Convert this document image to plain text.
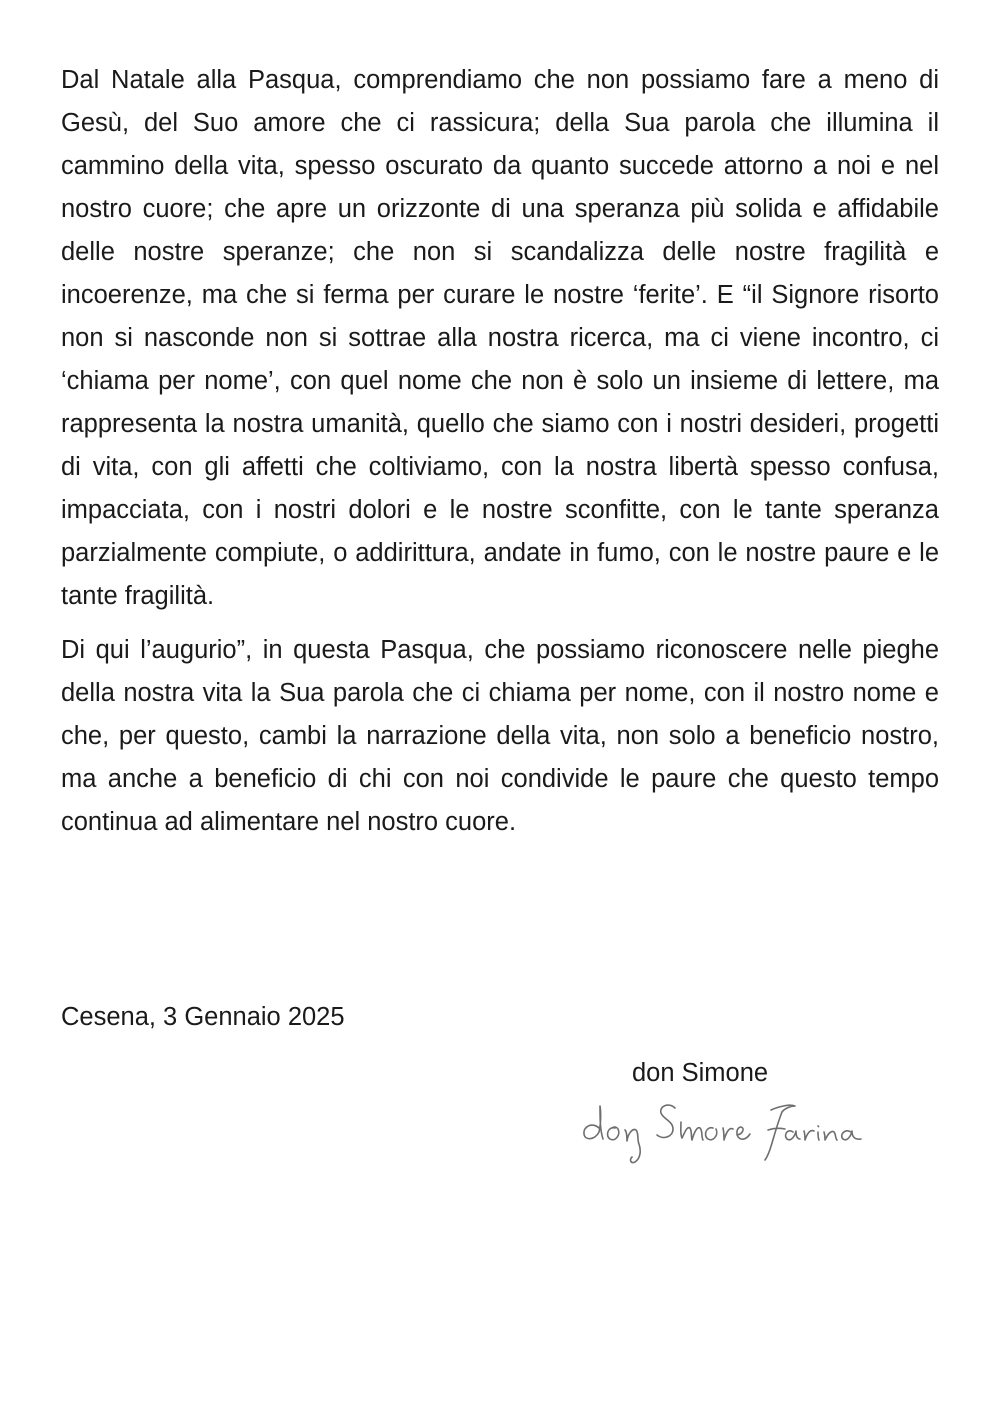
Dal Natale alla Pasqua, comprendiamo che non possiamo fare a meno di Gesù, del Suo amore che ci rassicura; della Sua parola che illumina il cammino della vita, spesso oscurato da quanto succede attorno a noi e nel nostro cuore; che apre un orizzonte di una speranza più solida e affidabile delle nostre speranze; che non si scandalizza delle nostre fragilità e incoerenze, ma che si ferma per curare le nostre ‘ferite’. E “il Signore risorto non si nasconde non si sottrae alla nostra ricerca, ma ci viene incontro, ci ‘chiama per nome’, con quel nome che non è solo un insieme di lettere, ma rappresenta la nostra umanità, quello che siamo con i nostri desideri, progetti di vita, con gli affetti che coltiviamo, con la nostra libertà spesso confusa, impacciata, con i nostri dolori e le nostre sconfitte, con le tante speranza parzialmente compiute, o addirittura, andate in fumo, con le nostre paure e le tante fragilità.

Di qui l’augurio”, in questa Pasqua, che possiamo riconoscere nelle pieghe della nostra vita la Sua parola che ci chiama per nome, con il nostro nome e che, per questo, cambi la narrazione della vita, non solo a beneficio nostro, ma anche a beneficio di chi con noi condivide le paure che questo tempo continua ad alimentare nel nostro cuore.

Cesena, 3 Gennaio 2025
don Simone
